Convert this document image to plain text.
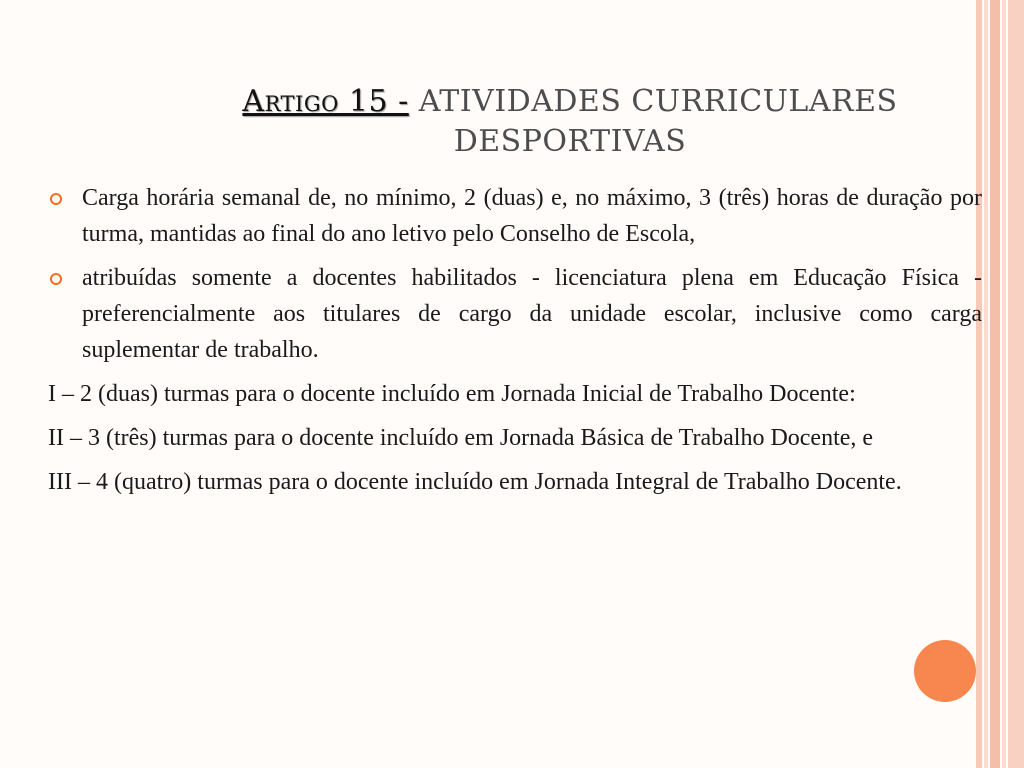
Artigo 15 - ATIVIDADES CURRICULARES DESPORTIVAS

Carga horária semanal de, no mínimo, 2 (duas) e, no máximo, 3 (três) horas de duração por turma, mantidas ao final do ano letivo pelo Conselho de Escola,

atribuídas somente a docentes habilitados - licenciatura plena em Educação Física - preferencialmente aos titulares de cargo da unidade escolar, inclusive como carga suplementar de trabalho.

I – 2 (duas) turmas para o docente incluído em Jornada Inicial de Trabalho Docente:

II – 3 (três) turmas para o docente incluído em Jornada Básica de Trabalho Docente, e

III – 4 (quatro) turmas para o docente incluído em Jornada Integral de Trabalho Docente.
